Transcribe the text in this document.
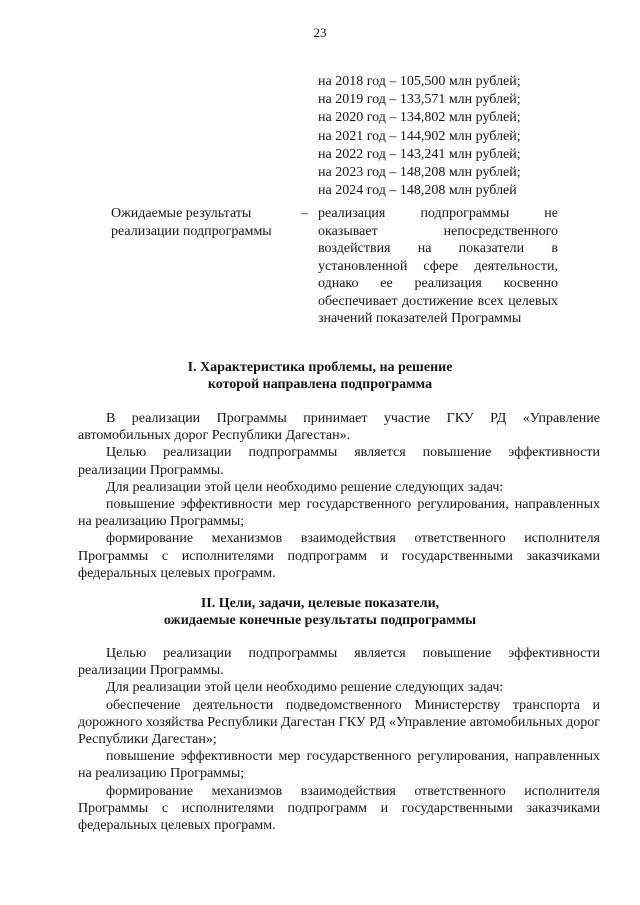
23
на 2018 год – 105,500 млн рублей;
на 2019 год – 133,571 млн рублей;
на 2020 год – 134,802 млн рублей;
на 2021 год – 144,902 млн рублей;
на 2022 год – 143,241 млн рублей;
на 2023 год – 148,208 млн рублей;
на 2024 год – 148,208 млн рублей
Ожидаемые результаты реализации подпрограммы
– реализация подпрограммы не оказывает непосредственного воздействия на показатели в установленной сфере деятельности, однако ее реализация косвенно обеспечивает достижение всех целевых значений показателей Программы
I. Характеристика проблемы, на решение
которой направлена подпрограмма

В реализации Программы принимает участие ГКУ РД «Управление автомобильных дорог Республики Дагестан».

Целью реализации подпрограммы является повышение эффективности реализации Программы.

Для реализации этой цели необходимо решение следующих задач:

повышение эффективности мер государственного регулирования, направленных на реализацию Программы;

формирование механизмов взаимодействия ответственного исполнителя Программы с исполнителями подпрограмм и государственными заказчиками федеральных целевых программ.

II. Цели, задачи, целевые показатели,
ожидаемые конечные результаты подпрограммы

Целью реализации подпрограммы является повышение эффективности реализации Программы.

Для реализации этой цели необходимо решение следующих задач:

обеспечение деятельности подведомственного Министерству транспорта и дорожного хозяйства Республики Дагестан ГКУ РД «Управление автомобильных дорог Республики Дагестан»;

повышение эффективности мер государственного регулирования, направленных на реализацию Программы;

формирование механизмов взаимодействия ответственного исполнителя Программы с исполнителями подпрограмм и государственными заказчиками федеральных целевых программ.
